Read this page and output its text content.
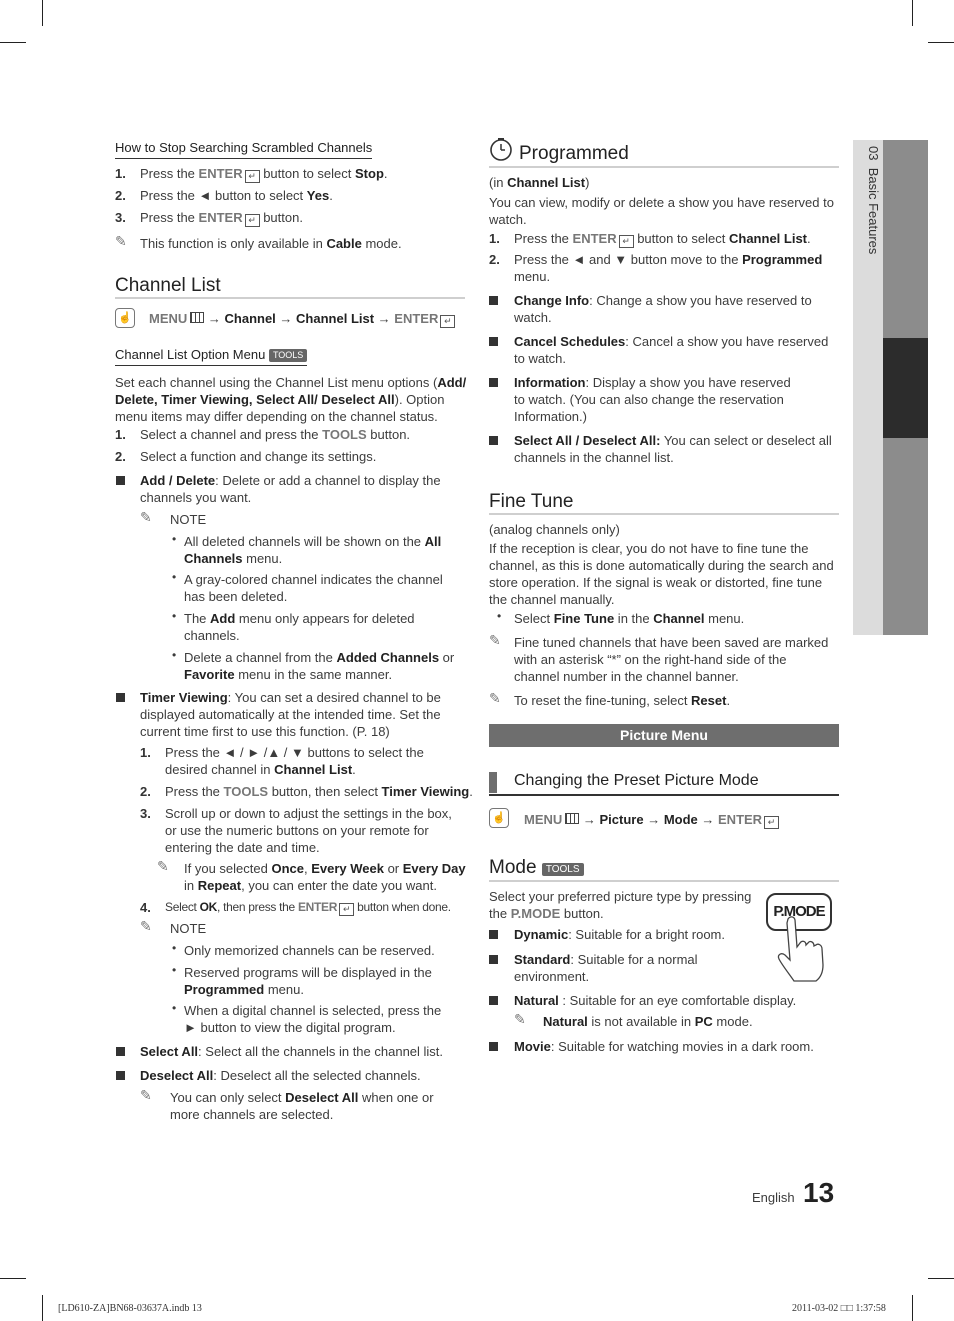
03  Basic Features
How to Stop Searching Scrambled Channels
1. Press the ENTER ↵ button to select Stop.
2. Press the ◄ button to select Yes.
3. Press the ENTER ↵ button.
✎ This function is only available in Cable mode.
Channel List
☝ MENU → Channel → Channel List → ENTER ↵
Channel List Option Menu TOOLS
Set each channel using the Channel List menu options (Add/
Delete, Timer Viewing, Select All/ Deselect All). Option
menu items may differ depending on the channel status.
1. Select a channel and press the TOOLS button.
2. Select a function and change its settings.
Add / Delete: Delete or add a channel to display the
channels you want.
✎ NOTE
• All deleted channels will be shown on the All
Channels menu.
• A gray-colored channel indicates the channel
has been deleted.
• The Add menu only appears for deleted
channels.
• Delete a channel from the Added Channels or
Favorite menu in the same manner.
Timer Viewing: You can set a desired channel to be
displayed automatically at the intended time. Set the
current time first to use this function. (P. 18)
1. Press the ◄ / ► /▲ / ▼ buttons to select the
desired channel in Channel List.
2. Press the TOOLS button, then select Timer Viewing.
3. Scroll up or down to adjust the settings in the box,
or use the numeric buttons on your remote for
entering the date and time.
✎ If you selected Once, Every Week or Every Day
in Repeat, you can enter the date you want.
4. Select OK, then press the ENTER ↵ button when done.
✎ NOTE
• Only memorized channels can be reserved.
• Reserved programs will be displayed in the
Programmed menu.
• When a digital channel is selected, press the
► button to view the digital program.
Select All: Select all the channels in the channel list.
Deselect All: Deselect all the selected channels.
✎ You can only select Deselect All when one or
more channels are selected.
Programmed
(in Channel List)
You can view, modify or delete a show you have reserved to
watch.
1. Press the ENTER ↵ button to select Channel List.
2. Press the ◄ and ▼ button move to the Programmed
menu.
Change Info: Change a show you have reserved to
watch.
Cancel Schedules: Cancel a show you have reserved
to watch.
Information: Display a show you have reserved
to watch. (You can also change the reservation
Information.)
Select All / Deselect All: You can select or deselect all
channels in the channel list.
Fine Tune
(analog channels only)
If the reception is clear, you do not have to fine tune the
channel, as this is done automatically during the search and
store operation. If the signal is weak or distorted, fine tune
the channel manually.
• Select Fine Tune in the Channel menu.
✎ Fine tuned channels that have been saved are marked
with an asterisk “*” on the right-hand side of the
channel number in the channel banner.
✎ To reset the fine-tuning, select Reset.
Picture Menu
Changing the Preset Picture Mode
☝ MENU → Picture → Mode → ENTER ↵
Mode TOOLS
Select your preferred picture type by pressing
the P.MODE button.	P.MODE
Dynamic: Suitable for a bright room.
Standard: Suitable for a normal
environment.
Natural : Suitable for an eye comfortable display.
✎ Natural is not available in PC mode.
Movie: Suitable for watching movies in a dark room.
English 13
[LD610-ZA]BN68-03637A.indb 13	2011-03-02 □□ 1:37:58
